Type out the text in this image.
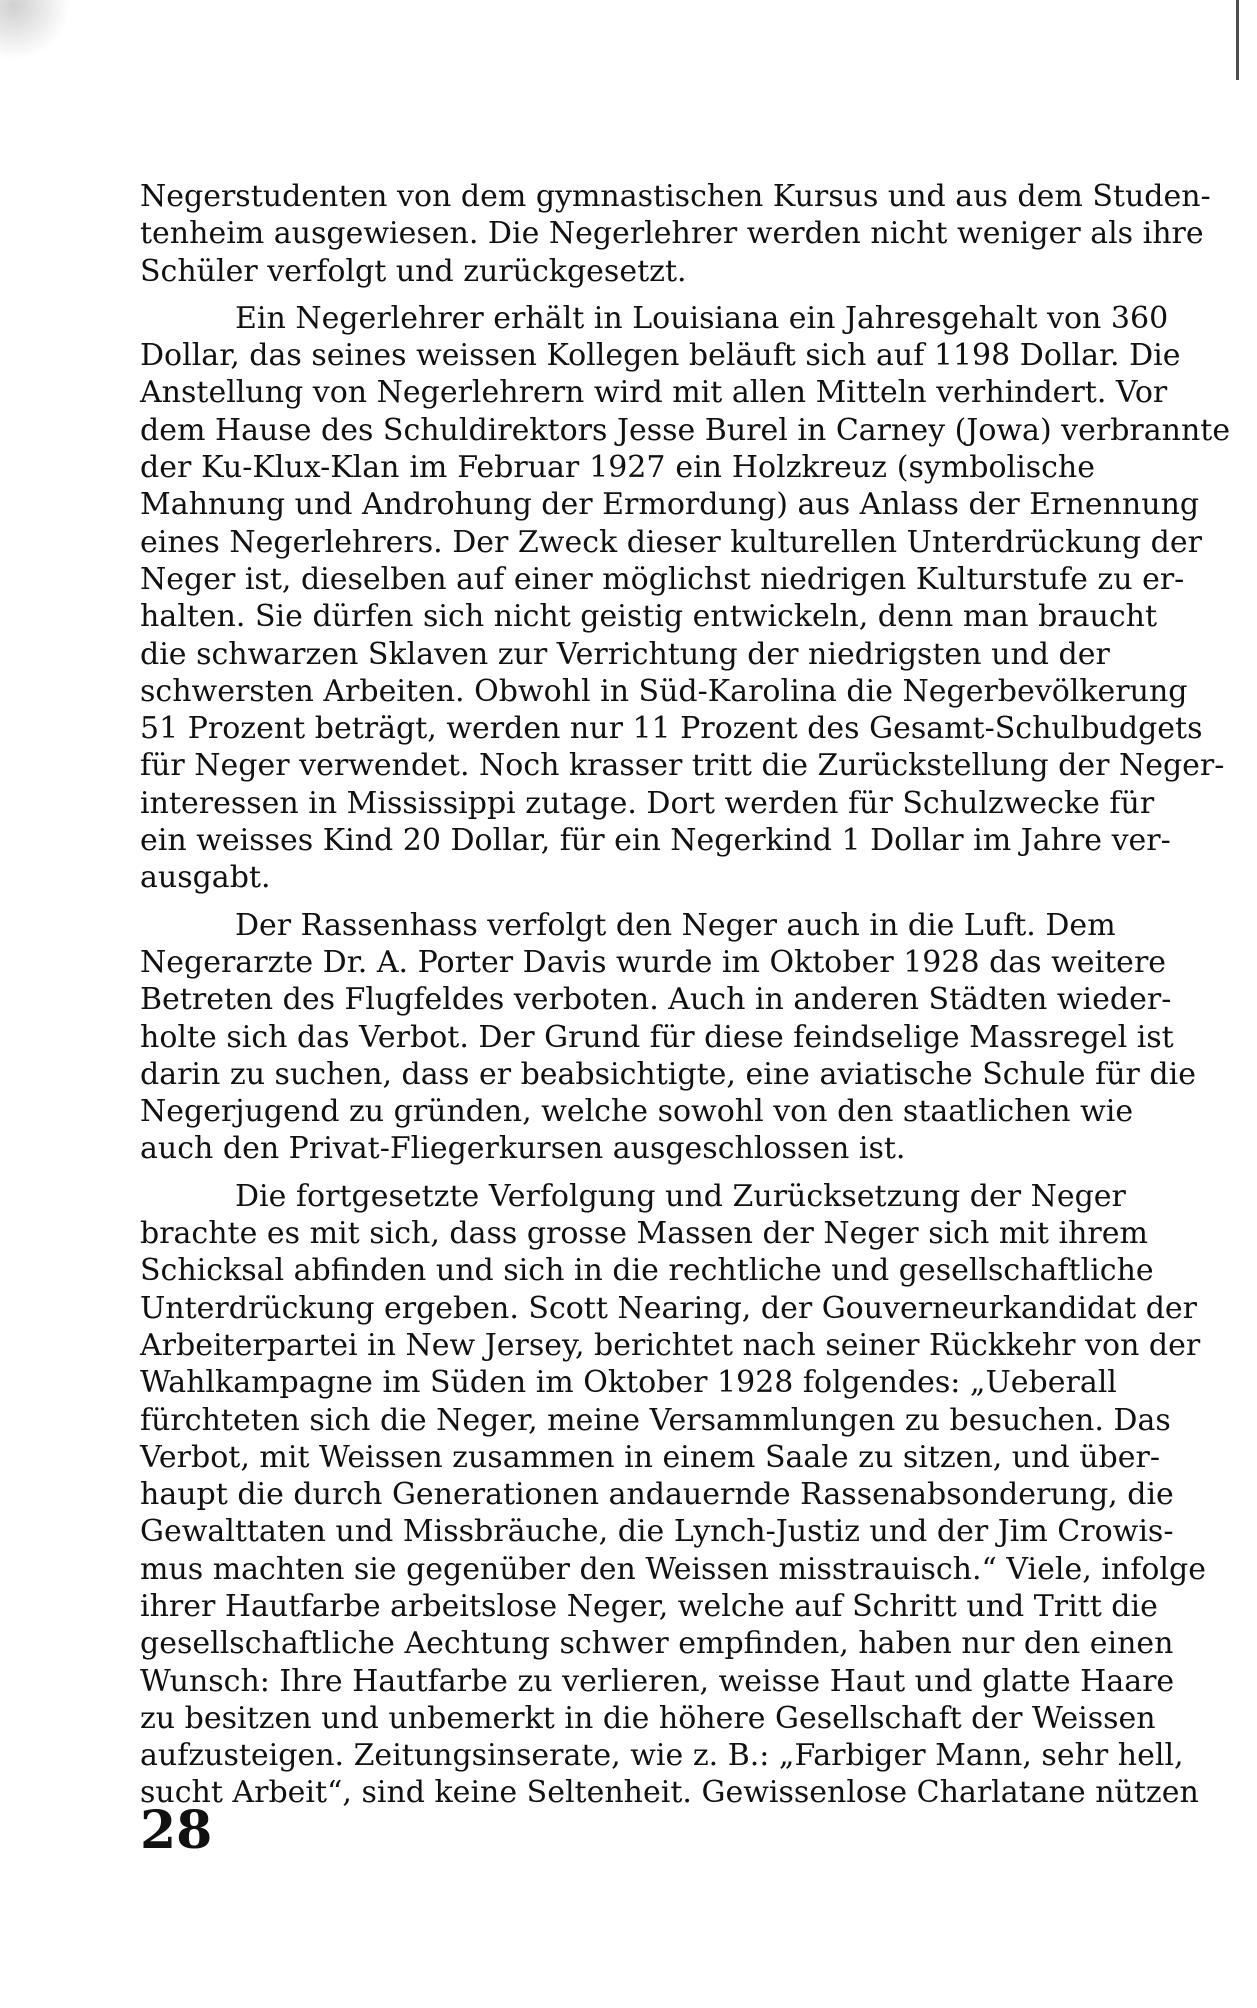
Negerstudenten von dem gymnastischen Kursus und aus dem Studen-
tenheim ausgewiesen. Die Negerlehrer werden nicht weniger als ihre
Schüler verfolgt und zurückgesetzt.
Ein Negerlehrer erhält in Louisiana ein Jahresgehalt von 360
Dollar, das seines weissen Kollegen beläuft sich auf 1198 Dollar. Die
Anstellung von Negerlehrern wird mit allen Mitteln verhindert. Vor
dem Hause des Schuldirektors Jesse Burel in Carney (Jowa) verbrannte
der Ku-Klux-Klan im Februar 1927 ein Holzkreuz (symbolische
Mahnung und Androhung der Ermordung) aus Anlass der Ernennung
eines Negerlehrers. Der Zweck dieser kulturellen Unterdrückung der
Neger ist, dieselben auf einer möglichst niedrigen Kulturstufe zu er-
halten. Sie dürfen sich nicht geistig entwickeln, denn man braucht
die schwarzen Sklaven zur Verrichtung der niedrigsten und der
schwersten Arbeiten. Obwohl in Süd-Karolina die Negerbevölkerung
51 Prozent beträgt, werden nur 11 Prozent des Gesamt-Schulbudgets
für Neger verwendet. Noch krasser tritt die Zurückstellung der Neger-
interessen in Mississippi zutage. Dort werden für Schulzwecke für
ein weisses Kind 20 Dollar, für ein Negerkind 1 Dollar im Jahre ver-
ausgabt.
Der Rassenhass verfolgt den Neger auch in die Luft. Dem
Negerarzte Dr. A. Porter Davis wurde im Oktober 1928 das weitere
Betreten des Flugfeldes verboten. Auch in anderen Städten wieder-
holte sich das Verbot. Der Grund für diese feindselige Massregel ist
darin zu suchen, dass er beabsichtigte, eine aviatische Schule für die
Negerjugend zu gründen, welche sowohl von den staatlichen wie
auch den Privat-Fliegerkursen ausgeschlossen ist.
Die fortgesetzte Verfolgung und Zurücksetzung der Neger
brachte es mit sich, dass grosse Massen der Neger sich mit ihrem
Schicksal abfinden und sich in die rechtliche und gesellschaftliche
Unterdrückung ergeben. Scott Nearing, der Gouverneurkandidat der
Arbeiterpartei in New Jersey, berichtet nach seiner Rückkehr von der
Wahlkampagne im Süden im Oktober 1928 folgendes: „Ueberall
fürchteten sich die Neger, meine Versammlungen zu besuchen. Das
Verbot, mit Weissen zusammen in einem Saale zu sitzen, und über-
haupt die durch Generationen andauernde Rassenabsonderung, die
Gewalttaten und Missbräuche, die Lynch-Justiz und der Jim Crowis-
mus machten sie gegenüber den Weissen misstrauisch.“ Viele, infolge
ihrer Hautfarbe arbeitslose Neger, welche auf Schritt und Tritt die
gesellschaftliche Aechtung schwer empfinden, haben nur den einen
Wunsch: Ihre Hautfarbe zu verlieren, weisse Haut und glatte Haare
zu besitzen und unbemerkt in die höhere Gesellschaft der Weissen
aufzusteigen. Zeitungsinserate, wie z. B.: „Farbiger Mann, sehr hell,
sucht Arbeit“, sind keine Seltenheit. Gewissenlose Charlatane nützen
28
